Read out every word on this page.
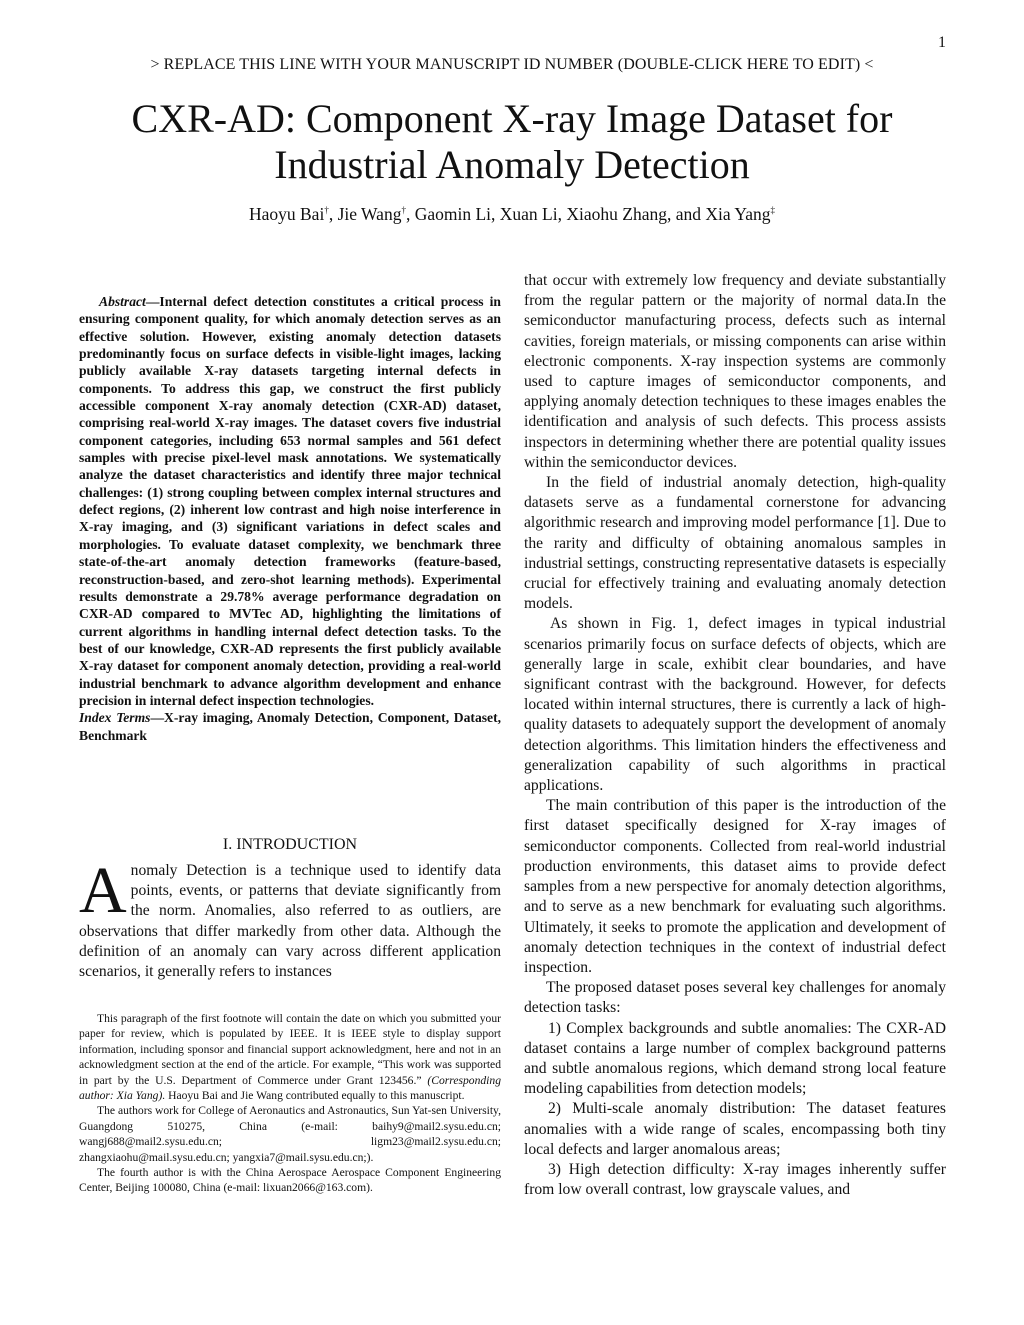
1
> REPLACE THIS LINE WITH YOUR MANUSCRIPT ID NUMBER (DOUBLE-CLICK HERE TO EDIT) <
CXR-AD: Component X-ray Image Dataset for
Industrial Anomaly Detection
Haoyu Bai†, Jie Wang†, Gaomin Li, Xuan Li, Xiaohu Zhang, and Xia Yang‡
Abstract—Internal defect detection constitutes a critical process in ensuring component quality, for which anomaly detection serves as an effective solution. However, existing anomaly detection datasets predominantly focus on surface defects in visible-light images, lacking publicly available X-ray datasets targeting internal defects in components. To address this gap, we construct the first publicly accessible component X-ray anomaly detection (CXR-AD) dataset, comprising real-world X-ray images. The dataset covers five industrial component categories, including 653 normal samples and 561 defect samples with precise pixel-level mask annotations. We systematically analyze the dataset characteristics and identify three major technical challenges: (1) strong coupling between complex internal structures and defect regions, (2) inherent low contrast and high noise interference in X-ray imaging, and (3) significant variations in defect scales and morphologies. To evaluate dataset complexity, we benchmark three state-of-the-art anomaly detection frameworks (feature-based, reconstruction-based, and zero-shot learning methods). Experimental results demonstrate a 29.78% average performance degradation on CXR-AD compared to MVTec AD, highlighting the limitations of current algorithms in handling internal defect detection tasks. To the best of our knowledge, CXR-AD represents the first publicly available X-ray dataset for component anomaly detection, providing a real-world industrial benchmark to advance algorithm development and enhance precision in internal defect inspection technologies.
Index Terms—X-ray imaging, Anomaly Detection, Component, Dataset, Benchmark
I. INTRODUCTION
Anomaly Detection is a technique used to identify data points, events, or patterns that deviate significantly from the norm. Anomalies, also referred to as outliers, are observations that differ markedly from other data. Although the definition of an anomaly can vary across different application scenarios, it generally refers to instances

This paragraph of the first footnote will contain the date on which you submitted your paper for review, which is populated by IEEE. It is IEEE style to display support information, including sponsor and financial support acknowledgment, here and not in an acknowledgment section at the end of the article. For example, “This work was supported in part by the U.S. Department of Commerce under Grant 123456.” (Corresponding author: Xia Yang). Haoyu Bai and Jie Wang contributed equally to this manuscript.

The authors work for College of Aeronautics and Astronautics, Sun Yat-sen University, Guangdong 510275, China (e-mail: baihy9@mail2.sysu.edu.cn; wangj688@mail2.sysu.edu.cn; ligm23@mail2.sysu.edu.cn; zhangxiaohu@mail.sysu.edu.cn; yangxia7@mail.sysu.edu.cn;).

The fourth author is with the China Aerospace Aerospace Component Engineering Center, Beijing 100080, China (e-mail: lixuan2066@163.com).

that occur with extremely low frequency and deviate substantially from the regular pattern or the majority of normal data.In the semiconductor manufacturing process, defects such as internal cavities, foreign materials, or missing components can arise within electronic components. X-ray inspection systems are commonly used to capture images of semiconductor components, and applying anomaly detection techniques to these images enables the identification and analysis of such defects. This process assists inspectors in determining whether there are potential quality issues within the semiconductor devices.

In the field of industrial anomaly detection, high-quality datasets serve as a fundamental cornerstone for advancing algorithmic research and improving model performance [1]. Due to the rarity and difficulty of obtaining anomalous samples in industrial settings, constructing representative datasets is especially crucial for effectively training and evaluating anomaly detection models.

As shown in Fig. 1, defect images in typical industrial scenarios primarily focus on surface defects of objects, which are generally large in scale, exhibit clear boundaries, and have significant contrast with the background. However, for defects located within internal structures, there is currently a lack of high-quality datasets to adequately support the development of anomaly detection algorithms. This limitation hinders the effectiveness and generalization capability of such algorithms in practical applications.

The main contribution of this paper is the introduction of the first dataset specifically designed for X-ray images of semiconductor components. Collected from real-world industrial production environments, this dataset aims to provide defect samples from a new perspective for anomaly detection algorithms, and to serve as a new benchmark for evaluating such algorithms. Ultimately, it seeks to promote the application and development of anomaly detection techniques in the context of industrial defect inspection.

The proposed dataset poses several key challenges for anomaly detection tasks:

1) Complex backgrounds and subtle anomalies: The CXR-AD dataset contains a large number of complex background patterns and subtle anomalous regions, which demand strong local feature modeling capabilities from detection models;

2) Multi-scale anomaly distribution: The dataset features anomalies with a wide range of scales, encompassing both tiny local defects and larger anomalous areas;

3) High detection difficulty: X-ray images inherently suffer from low overall contrast, low grayscale values, and
